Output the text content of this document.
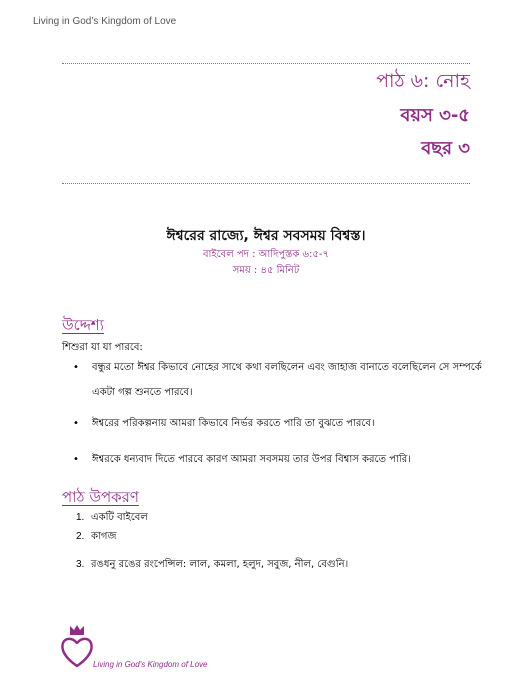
Living in God’s Kingdom of Love
পাঠ ৬: নোহ
বয়স ৩-৫
বছর ৩
ঈশ্বরের রাজ্যে, ঈশ্বর সবসময় বিশ্বস্ত।
বাইবেল পদ : আদিপুস্তক ৬:৫-৭
সময় : ৪৫ মিনিট
উদ্দেশ্য
শিশুরা যা যা পারবে:
• বন্ধুর মতো ঈশ্বর কিভাবে নোহের সাথে কথা বলছিলেন এবং জাহাজ বানাতে বলেছিলেন সে সম্পর্কে একটা গল্প শুনতে পারবে।
• ঈশ্বরের পরিকল্পনায় আমরা কিভাবে নির্ভর করতে পারি তা বুঝতে পারবে।
• ঈশ্বরকে ধন্যবাদ দিতে পারবে কারণ আমরা সবসময় তার উপর বিশ্বাস করতে পারি।
পাঠ উপকরণ
1. একটি বাইবেল
2. কাগজ
3. রঙধনু রঙের রংপেন্সিল: লাল, কমলা, হলুদ, সবুজ, নীল, বেগুনি।
Living in God's Kingdom of Love
